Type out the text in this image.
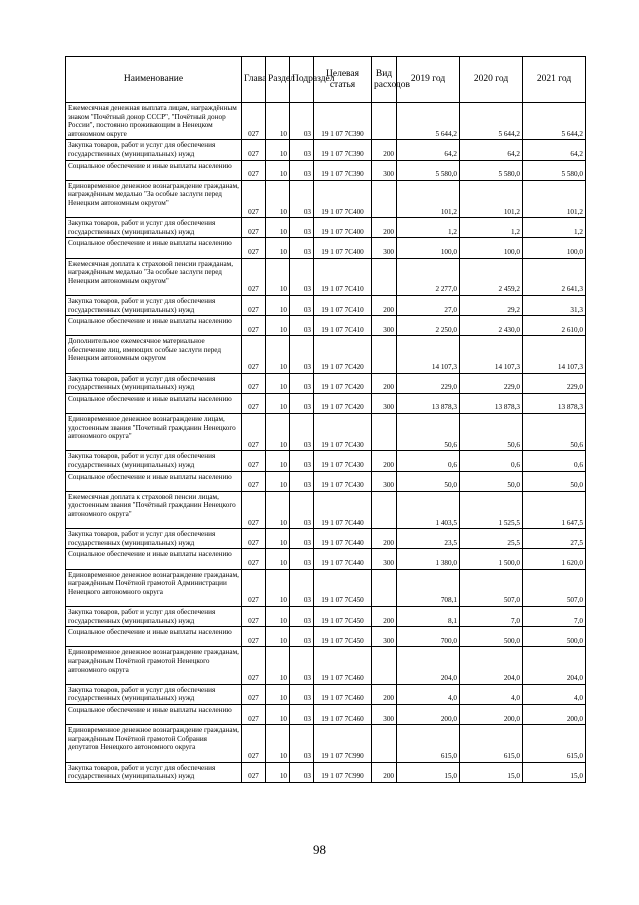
Наименование	Глава	Раздел	Подраздел	Целевая статья	Вид расходов	2019 год	2020 год	2021 год
Ежемесячная денежная выплата лицам, награждённым знаком "Почётный донор СССР", "Почётный донор России", постоянно проживающим в Ненецком автономном округе	027	10	03	19 1 07 7С390		5 644,2	5 644,2	5 644,2
Закупка товаров, работ и услуг для обеспечения государственных (муниципальных) нужд	027	10	03	19 1 07 7С390	200	64,2	64,2	64,2
Социальное обеспечение и иные выплаты населению	027	10	03	19 1 07 7С390	300	5 580,0	5 580,0	5 580,0
Единовременное денежное вознаграждение гражданам, награждённым медалью "За особые заслуги перед Ненецким автономным округом"	027	10	03	19 1 07 7С400		101,2	101,2	101,2
Закупка товаров, работ и услуг для обеспечения государственных (муниципальных) нужд	027	10	03	19 1 07 7С400	200	1,2	1,2	1,2
Социальное обеспечение и иные выплаты населению	027	10	03	19 1 07 7С400	300	100,0	100,0	100,0
Ежемесячная доплата к страховой пенсии гражданам, награждённым медалью "За особые заслуги перед Ненецким автономным округом"	027	10	03	19 1 07 7С410		2 277,0	2 459,2	2 641,3
Закупка товаров, работ и услуг для обеспечения государственных (муниципальных) нужд	027	10	03	19 1 07 7С410	200	27,0	29,2	31,3
Социальное обеспечение и иные выплаты населению	027	10	03	19 1 07 7С410	300	2 250,0	2 430,0	2 610,0
Дополнительное ежемесячное материальное обеспечение лиц, имеющих особые заслуги перед Ненецким автономным округом	027	10	03	19 1 07 7С420		14 107,3	14 107,3	14 107,3
Закупка товаров, работ и услуг для обеспечения государственных (муниципальных) нужд	027	10	03	19 1 07 7С420	200	229,0	229,0	229,0
Социальное обеспечение и иные выплаты населению	027	10	03	19 1 07 7С420	300	13 878,3	13 878,3	13 878,3
Единовременное денежное вознаграждение лицам, удостоенным звания "Почетный гражданин Ненецкого автономного округа"	027	10	03	19 1 07 7С430		50,6	50,6	50,6
Закупка товаров, работ и услуг для обеспечения государственных (муниципальных) нужд	027	10	03	19 1 07 7С430	200	0,6	0,6	0,6
Социальное обеспечение и иные выплаты населению	027	10	03	19 1 07 7С430	300	50,0	50,0	50,0
Ежемесячная доплата к страховой пенсии лицам, удостоенным звания "Почётный гражданин Ненецкого автономного округа"	027	10	03	19 1 07 7С440		1 403,5	1 525,5	1 647,5
Закупка товаров, работ и услуг для обеспечения государственных (муниципальных) нужд	027	10	03	19 1 07 7С440	200	23,5	25,5	27,5
Социальное обеспечение и иные выплаты населению	027	10	03	19 1 07 7С440	300	1 380,0	1 500,0	1 620,0
Единовременное денежное вознаграждение гражданам, награждённым Почётной грамотой Администрации Ненецкого автономного округа	027	10	03	19 1 07 7С450		708,1	507,0	507,0
Закупка товаров, работ и услуг для обеспечения государственных (муниципальных) нужд	027	10	03	19 1 07 7С450	200	8,1	7,0	7,0
Социальное обеспечение и иные выплаты населению	027	10	03	19 1 07 7С450	300	700,0	500,0	500,0
Единовременное денежное вознаграждение гражданам, награждённым Почётной грамотой Ненецкого автономного округа	027	10	03	19 1 07 7С460		204,0	204,0	204,0
Закупка товаров, работ и услуг для обеспечения государственных (муниципальных) нужд	027	10	03	19 1 07 7С460	200	4,0	4,0	4,0
Социальное обеспечение и иные выплаты населению	027	10	03	19 1 07 7С460	300	200,0	200,0	200,0
Единовременное денежное вознаграждение гражданам, награждённым Почётной грамотой Собрания депутатов Ненецкого автономного округа	027	10	03	19 1 07 7С990		615,0	615,0	615,0
Закупка товаров, работ и услуг для обеспечения государственных (муниципальных) нужд	027	10	03	19 1 07 7С990	200	15,0	15,0	15,0
98
